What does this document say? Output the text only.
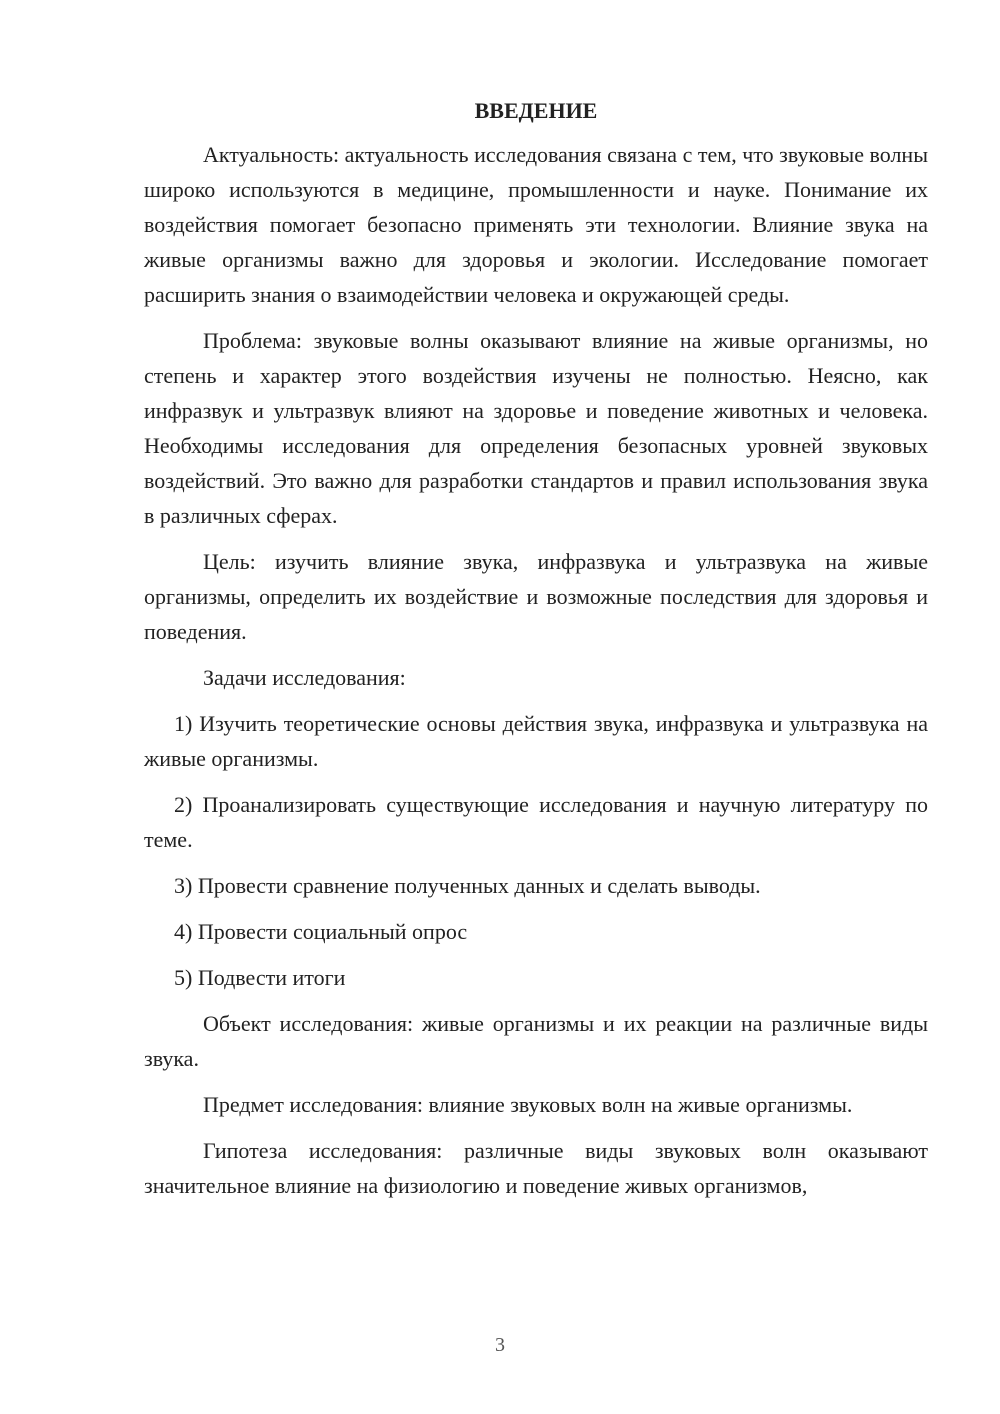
ВВЕДЕНИЕ

Актуальность: актуальность исследования связана с тем, что звуковые волны широко используются в медицине, промышленности и науке. Понимание их воздействия помогает безопасно применять эти технологии. Влияние звука на живые организмы важно для здоровья и экологии. Исследование помогает расширить знания о взаимодействии человека и окружающей среды.

Проблема: звуковые волны оказывают влияние на живые организмы, но степень и характер этого воздействия изучены не полностью. Неясно, как инфразвук и ультразвук влияют на здоровье и поведение животных и человека. Необходимы исследования для определения безопасных уровней звуковых воздействий. Это важно для разработки стандартов и правил использования звука в различных сферах.

Цель: изучить влияние звука, инфразвука и ультразвука на живые организмы, определить их воздействие и возможные последствия для здоровья и поведения.

Задачи исследования:

1) Изучить теоретические основы действия звука, инфразвука и ультразвука на живые организмы.

2) Проанализировать существующие исследования и научную литературу по теме.

3) Провести сравнение полученных данных и сделать выводы.

4) Провести социальный опрос

5) Подвести итоги

Объект исследования: живые организмы и их реакции на различные виды звука.

Предмет исследования: влияние звуковых волн на живые организмы.

Гипотеза исследования: различные виды звуковых волн оказывают значительное влияние на физиологию и поведение живых организмов,

3
